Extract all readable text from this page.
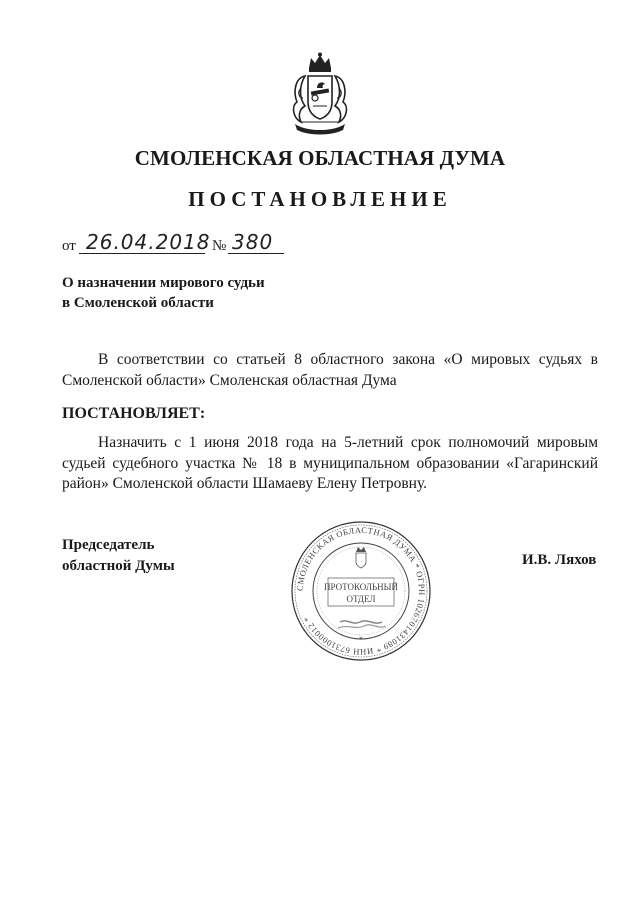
СМОЛЕНСКАЯ ОБЛАСТНАЯ ДУМА
ПОСТАНОВЛЕНИЕ
от 26.04.2018 № 380
О назначении мирового судьи
в Смоленской области
В соответствии со статьей 8 областного закона «О мировых судьях в Смоленской области» Смоленская областная Дума
ПОСТАНОВЛЯЕТ:
Назначить с 1 июня 2018 года на 5-летний срок полномочий мировым судьей судебного участка № 18 в муниципальном образовании «Гагаринский район» Смоленской области Шамаеву Елену Петровну.
Председатель
областной Думы	И.В. Ляхов
СМОЛЕНСКАЯ ОБЛАСТНАЯ ДУМА * ОГРН 1026701431089 * ИНН 6731000012 *
*
ПРОТОКОЛЬНЫЙ
ОТДЕЛ
